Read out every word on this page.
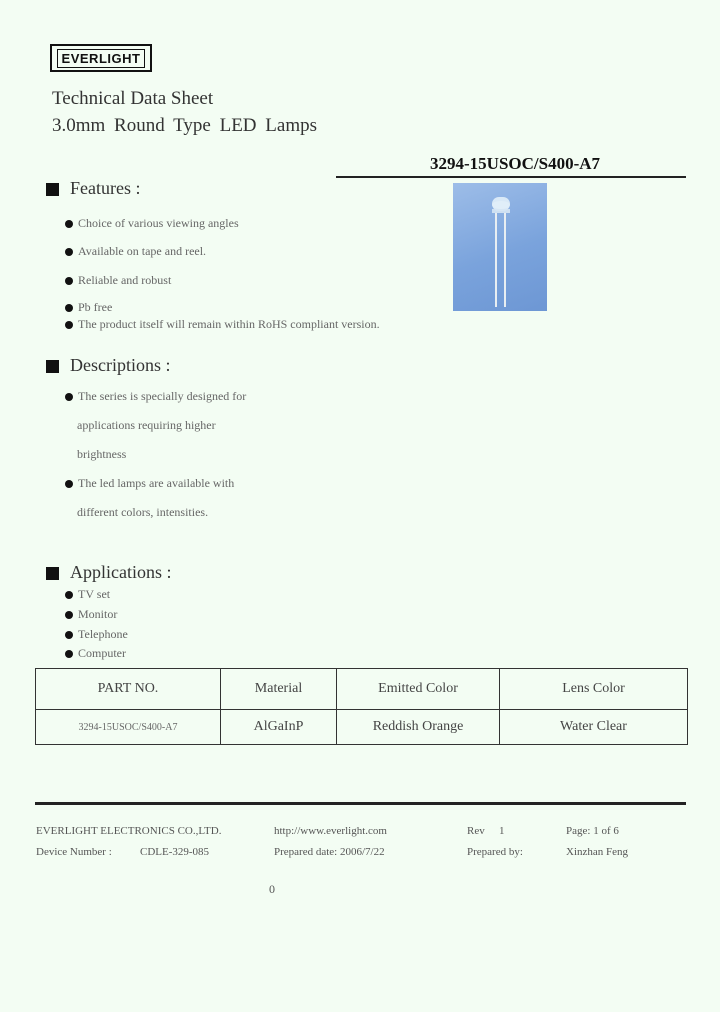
EVERLIGHT
Technical Data Sheet
3.0mm Round Type LED Lamps
3294-15USOC/S400-A7
Features :
Choice of various viewing angles
Available on tape and reel.
Reliable and robust
Pb free
The product itself will remain within RoHS compliant version.
Descriptions :
The series is specially designed for
applications requiring higher
brightness
The led lamps are available with
different colors, intensities.
Applications :
TV set
Monitor
Telephone
Computer
PART NO.	Material	Emitted Color	Lens Color
3294-15USOC/S400-A7	AlGaInP	Reddish Orange	Water Clear
EVERLIGHT ELECTRONICS CO.,LTD.	http://www.everlight.com	Rev 1	Page: 1 of 6
Device Number :	CDLE-329-085	Prepared date: 2006/7/22	Prepared by:	Xinzhan Feng
0
